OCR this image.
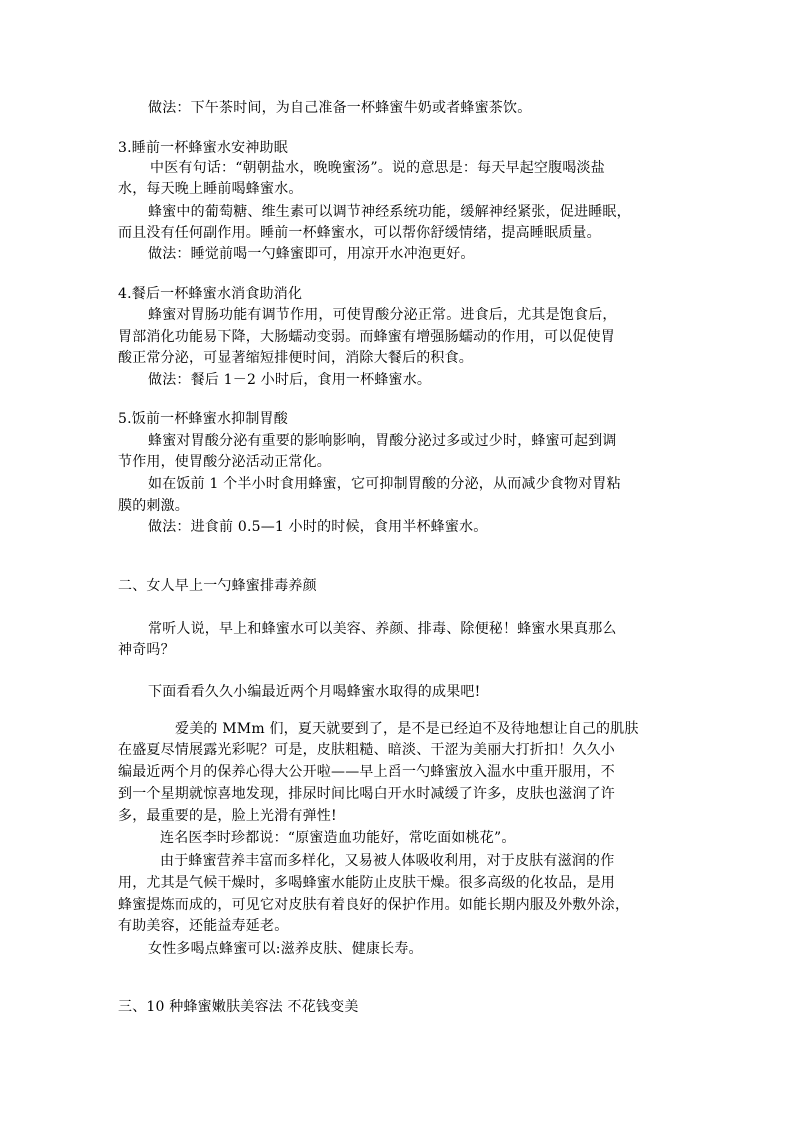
做法：下午茶时间，为自己准备一杯蜂蜜牛奶或者蜂蜜茶饮。

3.睡前一杯蜂蜜水安神助眠

中医有句话：“朝朝盐水，晚晚蜜汤”。说的意思是：每天早起空腹喝淡盐

水，每天晚上睡前喝蜂蜜水。

蜂蜜中的葡萄糖、维生素可以调节神经系统功能，缓解神经紧张，促进睡眠，

而且没有任何副作用。睡前一杯蜂蜜水，可以帮你舒缓情绪，提高睡眠质量。

做法：睡觉前喝一勺蜂蜜即可，用凉开水冲泡更好。

4.餐后一杯蜂蜜水消食助消化

蜂蜜对胃肠功能有调节作用，可使胃酸分泌正常。进食后，尤其是饱食后，

胃部消化功能易下降，大肠蠕动变弱。而蜂蜜有增强肠蠕动的作用，可以促使胃

酸正常分泌，可显著缩短排便时间，消除大餐后的积食。

做法：餐后 1－2 小时后，食用一杯蜂蜜水。

5.饭前一杯蜂蜜水抑制胃酸

蜂蜜对胃酸分泌有重要的影响影响，胃酸分泌过多或过少时，蜂蜜可起到调

节作用，使胃酸分泌活动正常化。

如在饭前 1 个半小时食用蜂蜜，它可抑制胃酸的分泌，从而减少食物对胃粘

膜的刺激。

做法：进食前 0.5—1 小时的时候，食用半杯蜂蜜水。

二、女人早上一勺蜂蜜排毒养颜

常听人说，早上和蜂蜜水可以美容、养颜、排毒、除便秘！蜂蜜水果真那么

神奇吗？

下面看看久久小编最近两个月喝蜂蜜水取得的成果吧!

爱美的 MMm 们，夏天就要到了，是不是已经迫不及待地想让自己的肌肤

在盛夏尽情展露光彩呢？可是，皮肤粗糙、暗淡、干涩为美丽大打折扣！久久小

编最近两个月的保养心得大公开啦——早上舀一勺蜂蜜放入温水中重开服用，不

到一个星期就惊喜地发现，排尿时间比喝白开水时减缓了许多，皮肤也滋润了许

多，最重要的是，脸上光滑有弹性!

连名医李时珍都说：“原蜜造血功能好，常吃面如桃花”。

由于蜂蜜营养丰富而多样化，又易被人体吸收利用，对于皮肤有滋润的作

用，尤其是气候干燥时，多喝蜂蜜水能防止皮肤干燥。很多高级的化妆品，是用

蜂蜜提炼而成的，可见它对皮肤有着良好的保护作用。如能长期内服及外敷外涂，

有助美容，还能益寿延老。

女性多喝点蜂蜜可以:滋养皮肤、健康长寿。

三、10 种蜂蜜嫩肤美容法 不花钱变美
